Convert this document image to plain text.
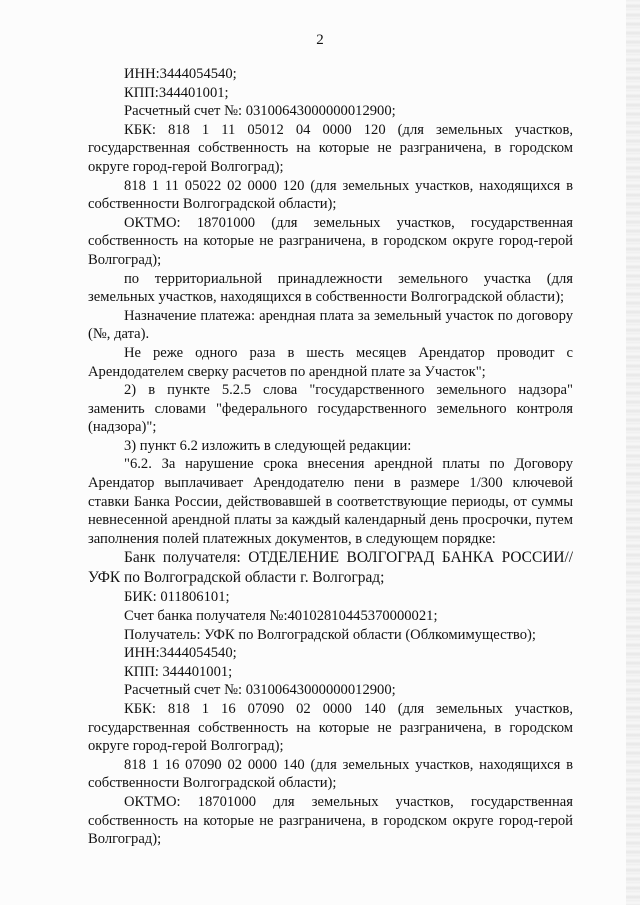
2

ИНН:3444054540;

КПП:344401001;

Расчетный счет №: 03100643000000012900;

КБК: 818 1 11 05012 04 0000 120 (для земельных участков, государственная собственность на которые не разграничена, в городском округе город-герой Волгоград);

818 1 11 05022 02 0000 120 (для земельных участков, находящихся в собственности Волгоградской области);

ОКТМО: 18701000 (для земельных участков, государственная собственность на которые не разграничена, в городском округе город-герой Волгоград);

по территориальной принадлежности земельного участка (для земельных участков, находящихся в собственности Волгоградской области);

Назначение платежа: арендная плата за земельный участок по договору (№, дата).

Не реже одного раза в шесть месяцев Арендатор проводит с Арендодателем сверку расчетов по арендной плате за Участок";

2) в пункте 5.2.5 слова "государственного земельного надзора" заменить словами "федерального государственного земельного контроля (надзора)";

3) пункт 6.2 изложить в следующей редакции:

"6.2. За нарушение срока внесения арендной платы по Договору Арендатор выплачивает Арендодателю пени в размере 1/300 ключевой ставки Банка России, действовавшей в соответствующие периоды, от суммы невнесенной арендной платы за каждый календарный день просрочки, путем заполнения полей платежных документов, в следующем порядке:

Банк получателя: ОТДЕЛЕНИЕ ВОЛГОГРАД БАНКА РОССИИ// УФК по Волгоградской области г. Волгоград;

БИК: 011806101;

Счет банка получателя №:40102810445370000021;

Получатель: УФК по Волгоградской области (Облкомимущество);

ИНН:3444054540;

КПП: 344401001;

Расчетный счет №: 03100643000000012900;

КБК: 818 1 16 07090 02 0000 140 (для земельных участков, государственная собственность на которые не разграничена, в городском округе город-герой Волгоград);

818 1 16 07090 02 0000 140 (для земельных участков, находящихся в собственности Волгоградской области);

ОКТМО: 18701000 для земельных участков, государственная собственность на которые не разграничена, в городском округе город-герой Волгоград);
